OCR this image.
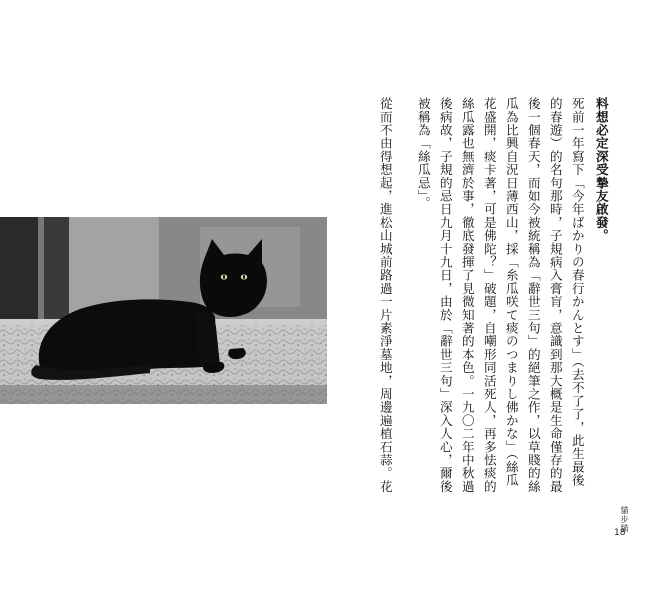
料想必定深受摯友啟發。
死前一年寫下「今年ばかりの春行かんとす」（去不了了，此生最後
的春遊）的名句那時，子規病入膏肓，意識到那大概是生命僅存的最
後一個春天，而如今被統稱為「辭世三句」的絕筆之作，以草賤的絲
瓜為比興自況日薄西山，採「糸瓜咲て痰のつまりし佛かな」（絲瓜
花盛開，痰卡著，可是佛陀？」破題，自嘲形同活死人，再多怯痰的
絲瓜露也無濟於事，徹底發揮了見微知著的本色。一九〇二年中秋過
後病故，子規的忌日九月十九日，由於「辭世三句」深入人心，爾後
被稱為「絲瓜忌」。
從而不由得想起，進松山城前路過一片素淨墓地，周邊遍植石蒜。花
貓步貓
18
